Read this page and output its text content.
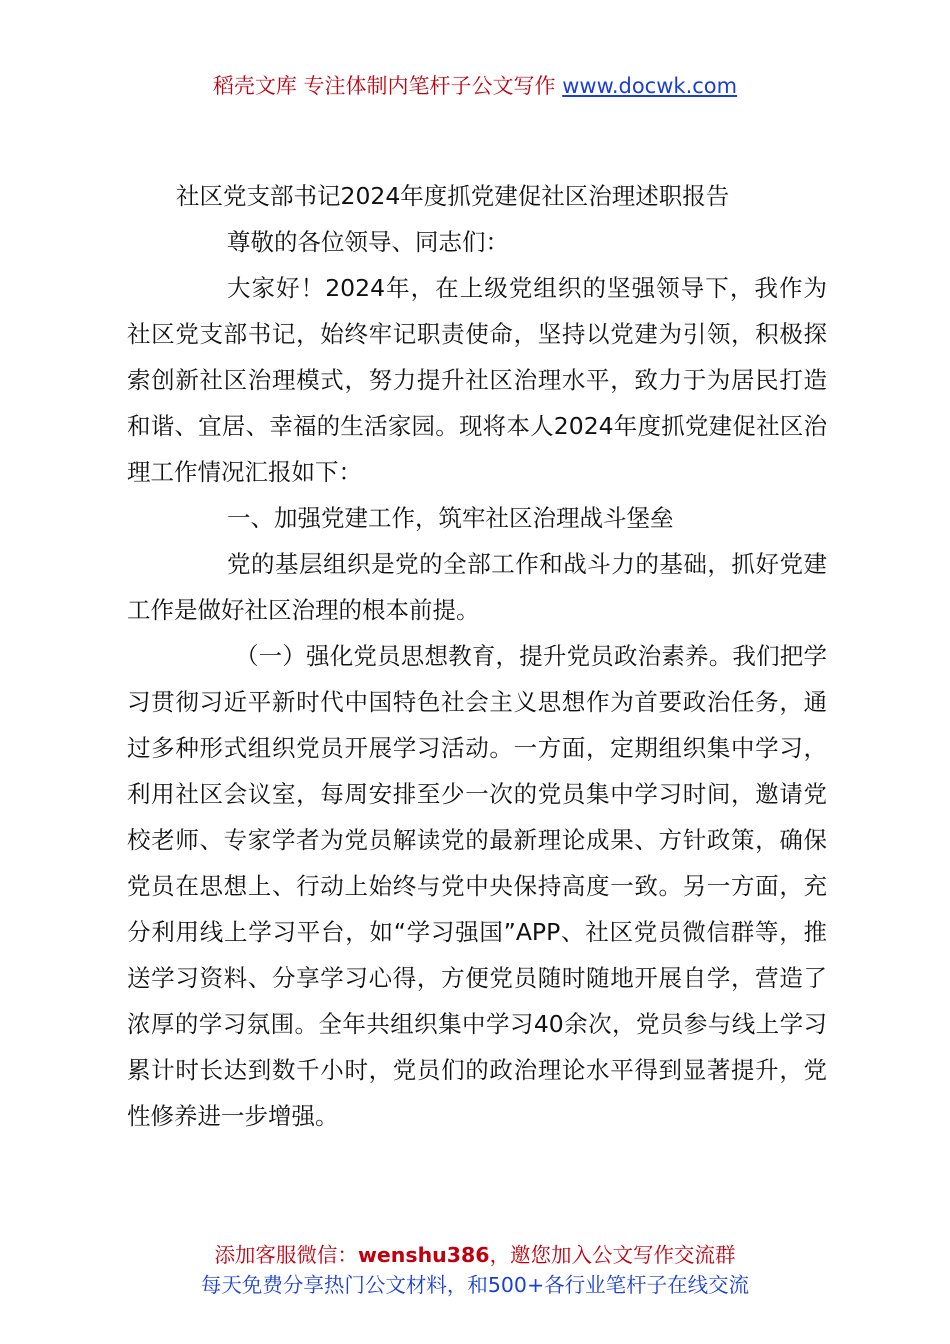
稻壳文库 专注体制内笔杆子公文写作 www.docwk.com

社区党支部书记2024年度抓党建促社区治理述职报告

尊敬的各位领导、同志们：

大家好！2024年，在上级党组织的坚强领导下，我作为社区党支部书记，始终牢记职责使命，坚持以党建为引领，积极探索创新社区治理模式，努力提升社区治理水平，致力于为居民打造和谐、宜居、幸福的生活家园。现将本人2024年度抓党建促社区治理工作情况汇报如下：

一、加强党建工作，筑牢社区治理战斗堡垒

党的基层组织是党的全部工作和战斗力的基础，抓好党建工作是做好社区治理的根本前提。

（一）强化党员思想教育，提升党员政治素养。我们把学习贯彻习近平新时代中国特色社会主义思想作为首要政治任务，通过多种形式组织党员开展学习活动。一方面，定期组织集中学习，利用社区会议室，每周安排至少一次的党员集中学习时间，邀请党校老师、专家学者为党员解读党的最新理论成果、方针政策，确保党员在思想上、行动上始终与党中央保持高度一致。另一方面，充分利用线上学习平台，如“学习强国”APP、社区党员微信群等，推送学习资料、分享学习心得，方便党员随时随地开展自学，营造了浓厚的学习氛围。全年共组织集中学习40余次，党员参与线上学习累计时长达到数千小时，党员们的政治理论水平得到显著提升，党性修养进一步增强。

添加客服微信：wenshu386，邀您加入公文写作交流群
每天免费分享热门公文材料，和500+各行业笔杆子在线交流
